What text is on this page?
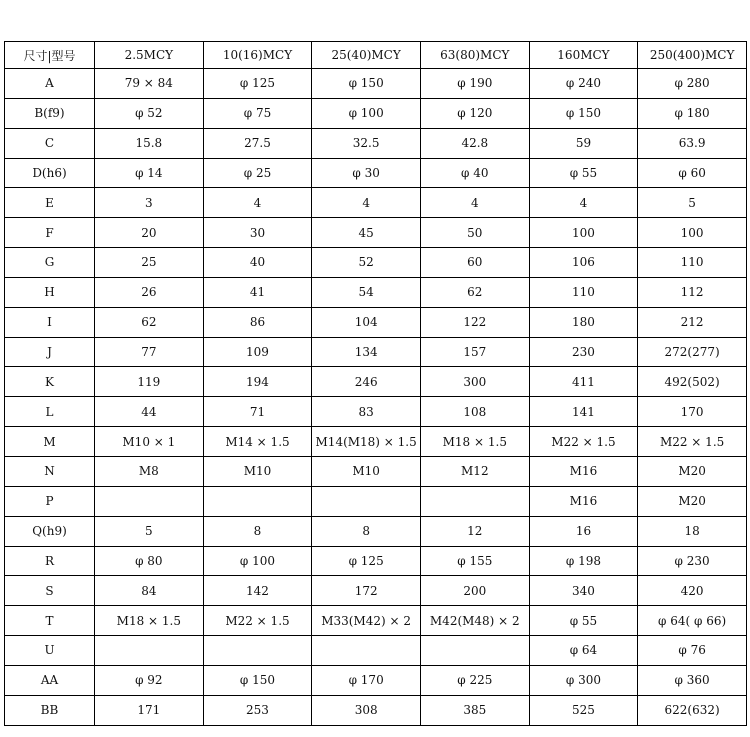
尺寸|型号	2.5MCY	10(16)MCY	25(40)MCY	63(80)MCY	160MCY	250(400)MCY
A	79 × 84	φ 125	φ 150	φ 190	φ 240	φ 280
B(f9)	φ 52	φ 75	φ 100	φ 120	φ 150	φ 180
C	15.8	27.5	32.5	42.8	59	63.9
D(h6)	φ 14	φ 25	φ 30	φ 40	φ 55	φ 60
E	3	4	4	4	4	5
F	20	30	45	50	100	100
G	25	40	52	60	106	110
H	26	41	54	62	110	112
I	62	86	104	122	180	212
J	77	109	134	157	230	272(277)
K	119	194	246	300	411	492(502)
L	44	71	83	108	141	170
M	M10 × 1	M14 × 1.5	M14(M18) × 1.5	M18 × 1.5	M22 × 1.5	M22 × 1.5
N	M8	M10	M10	M12	M16	M20
P					M16	M20
Q(h9)	5	8	8	12	16	18
R	φ 80	φ 100	φ 125	φ 155	φ 198	φ 230
S	84	142	172	200	340	420
T	M18 × 1.5	M22 × 1.5	M33(M42) × 2	M42(M48) × 2	φ 55	φ 64( φ 66)
U					φ 64	φ 76
AA	φ 92	φ 150	φ 170	φ 225	φ 300	φ 360
BB	171	253	308	385	525	622(632)
